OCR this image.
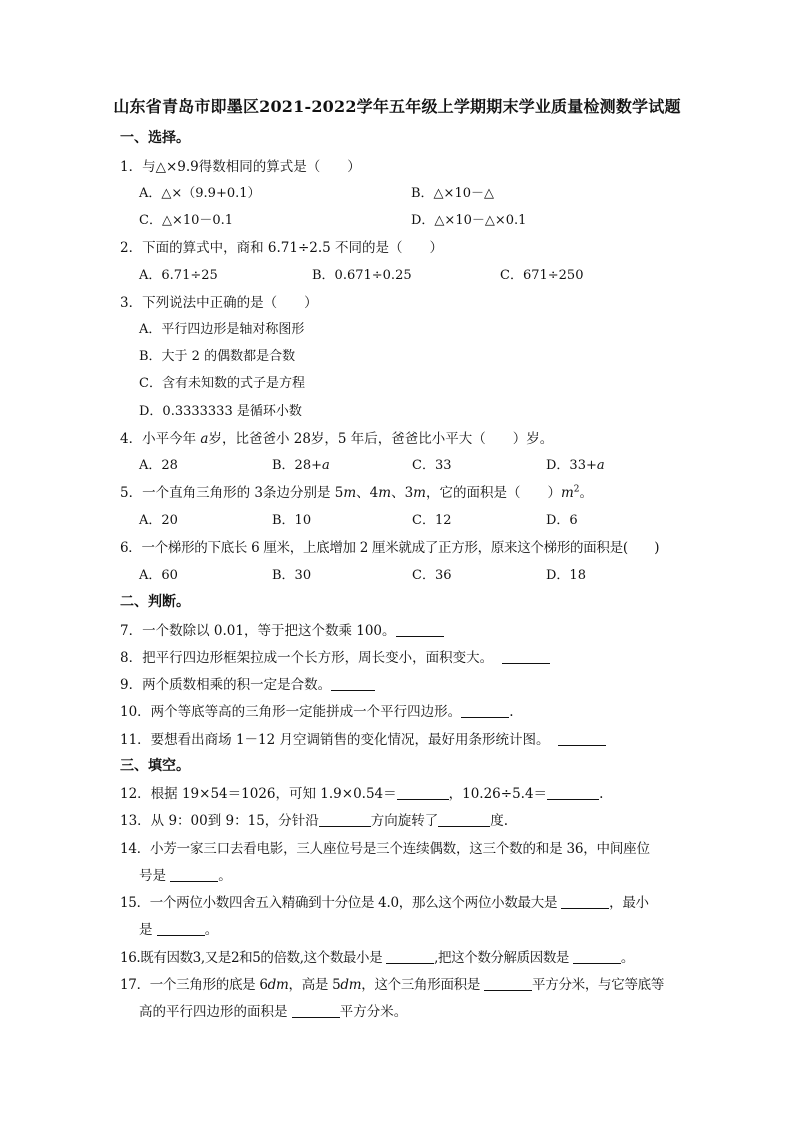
山东省青岛市即墨区2021-2022学年五年级上学期期末学业质量检测数学试题
一、选择。
1．与△×9.9得数相同的算式是（　　）
A．△×（9.9+0.1）	B．△×10－△
C．△×10－0.1	D．△×10－△×0.1
2．下面的算式中，商和 6.71÷2.5 不同的是（　　）
A．6.71÷25	B．0.671÷0.25	C．671÷250
3．下列说法中正确的是（　　）
A．平行四边形是轴对称图形
B．大于 2 的偶数都是合数
C．含有未知数的式子是方程
D．0.3333333 是循环小数
4．小平今年 a岁，比爸爸小 28岁，5 年后，爸爸比小平大（　　）岁。
A．28	B．28+a	C．33	D．33+a
5．一个直角三角形的 3条边分别是 5m、4m、3m，它的面积是（　　）$m^2$。
A．20	B．10	C．12	D．6
6．一个梯形的下底长 6 厘米，上底增加 2 厘米就成了正方形，原来这个梯形的面积是(　　)
A．60	B．30	C．36	D．18
二、判断。
7．一个数除以 0.01，等于把这个数乘 100。
8．把平行四边形框架拉成一个长方形，周长变小，面积变大。
9．两个质数相乘的积一定是合数。
10．两个等底等高的三角形一定能拼成一个平行四边形。	.
11．要想看出商场 1－12 月空调销售的变化情况，最好用条形统计图。
三、填空。
12．根据 19×54＝1026，可知 1.9×0.54＝	，10.26÷5.4＝	.
13．从 9：00到 9：15，分针沿	方向旋转了	度.
14．小芳一家三口去看电影，三人座位号是三个连续偶数，这三个数的和是 36，中间座位
号是	。
15．一个两位小数四舍五入精确到十分位是 4.0，那么这个两位小数最大是	，最小
是	。
16.既有因数3,又是2和5的倍数,这个数最小是	,把这个数分解质因数是	。
17．一个三角形的底是 6dm，高是 5dm，这个三角形面积是	平方分米，与它等底等
高的平行四边形的面积是	平方分米。
